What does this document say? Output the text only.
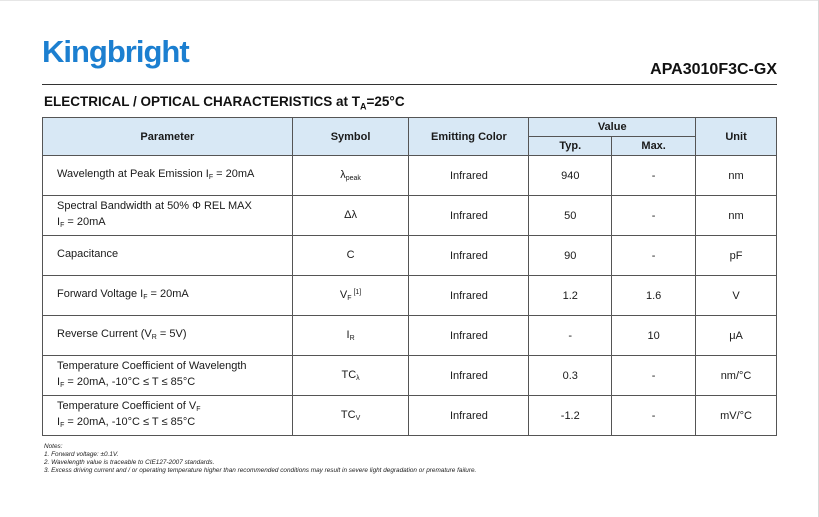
Kingbright
APA3010F3C-GX
ELECTRICAL / OPTICAL CHARACTERISTICS at $T_A=25^\circ C$
Parameter	Symbol	Emitting Color	Value		Unit
			Typ.	Max.	

Wavelength at Peak Emission $I_F = 20mA$	$\lambda_{peak}$	Infrared	940	-	nm

Spectral Bandwidth at 50% Φ REL MAX
$I_F = 20mA$	Δλ	Infrared	50	-	nm

Capacitance	C	Infrared	90	-	pF

Forward Voltage $I_F = 20mA$	$V_F$ [1]	Infrared	1.2	1.6	V

Reverse Current $(V_R = 5V)$	$I_R$	Infrared	-	10	μA

Temperature Coefficient of Wavelength
$I_F = 20mA$, -10°C ≤ T ≤ 85°C	$TC_\lambda$	Infrared	0.3	-	nm/°C

Temperature Coefficient of $V_F$
$I_F = 20mA$, -10°C ≤ T ≤ 85°C	$TC_V$	Infrared	-1.2	-	mV/°C
Notes:
1. Forward voltage: ±0.1V.
2. Wavelength value is traceable to CIE127-2007 standards.
3. Excess driving current and / or operating temperature higher than recommended conditions may result in severe light degradation or premature failure.
